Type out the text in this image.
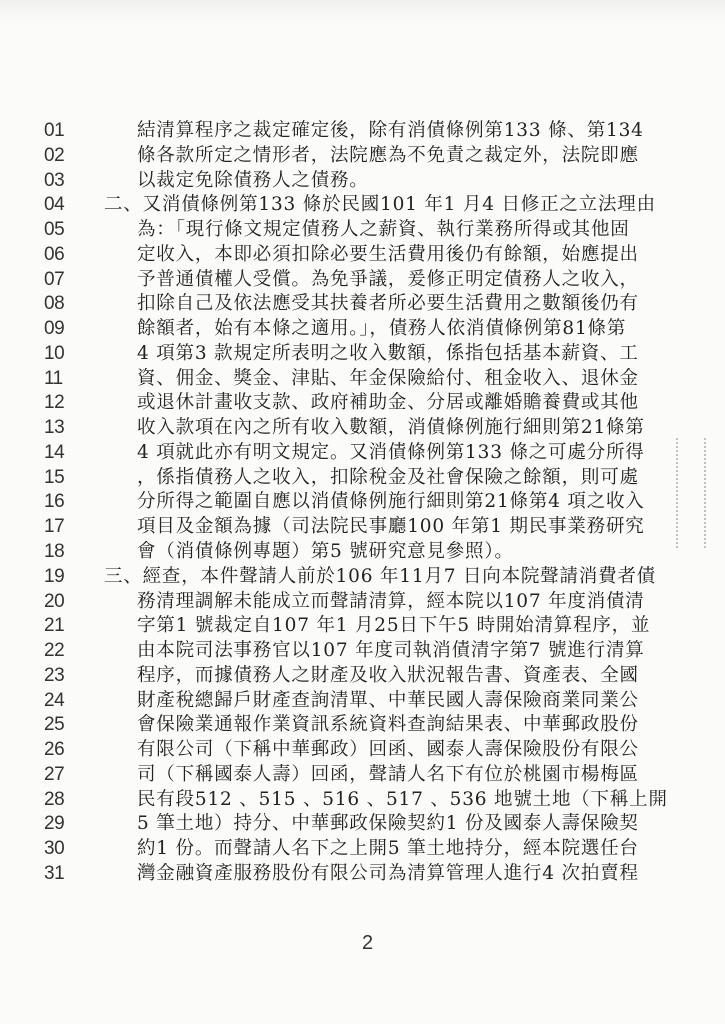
01	結清算程序之裁定確定後，除有消債條例第133 條、第134
02	條各款所定之情形者，法院應為不免責之裁定外，法院即應
03	以裁定免除債務人之債務。
04	二、又消債條例第133 條於民國101 年1 月4 日修正之立法理由
05	為：「現行條文規定債務人之薪資、執行業務所得或其他固
06	定收入，本即必須扣除必要生活費用後仍有餘額，始應提出
07	予普通債權人受償。為免爭議，爰修正明定債務人之收入，
08	扣除自己及依法應受其扶養者所必要生活費用之數額後仍有
09	餘額者，始有本條之適用。」，債務人依消債條例第81條第
10	4 項第3 款規定所表明之收入數額，係指包括基本薪資、工
11	資、佣金、獎金、津貼、年金保險給付、租金收入、退休金
12	或退休計畫收支款、政府補助金、分居或離婚贍養費或其他
13	收入款項在內之所有收入數額，消債條例施行細則第21條第
14	4 項就此亦有明文規定。又消債條例第133 條之可處分所得
15	，係指債務人之收入，扣除稅金及社會保險之餘額，則可處
16	分所得之範圍自應以消債條例施行細則第21條第4 項之收入
17	項目及金額為據（司法院民事廳100 年第1 期民事業務研究
18	會（消債條例專題）第5 號研究意見參照）。
19	三、經查，本件聲請人前於106 年11月7 日向本院聲請消費者債
20	務清理調解未能成立而聲請清算，經本院以107 年度消債清
21	字第1 號裁定自107 年1 月25日下午5 時開始清算程序，並
22	由本院司法事務官以107 年度司執消債清字第7 號進行清算
23	程序，而據債務人之財產及收入狀況報告書、資產表、全國
24	財產稅總歸戶財產查詢清單、中華民國人壽保險商業同業公
25	會保險業通報作業資訊系統資料查詢結果表、中華郵政股份
26	有限公司（下稱中華郵政）回函、國泰人壽保險股份有限公
27	司（下稱國泰人壽）回函，聲請人名下有位於桃園市楊梅區
28	民有段512 、515 、516 、517 、536 地號土地（下稱上開
29	5 筆土地）持分、中華郵政保險契約1 份及國泰人壽保險契
30	約1 份。而聲請人名下之上開5 筆土地持分，經本院選任台
31	灣金融資產服務股份有限公司為清算管理人進行4 次拍賣程
2
